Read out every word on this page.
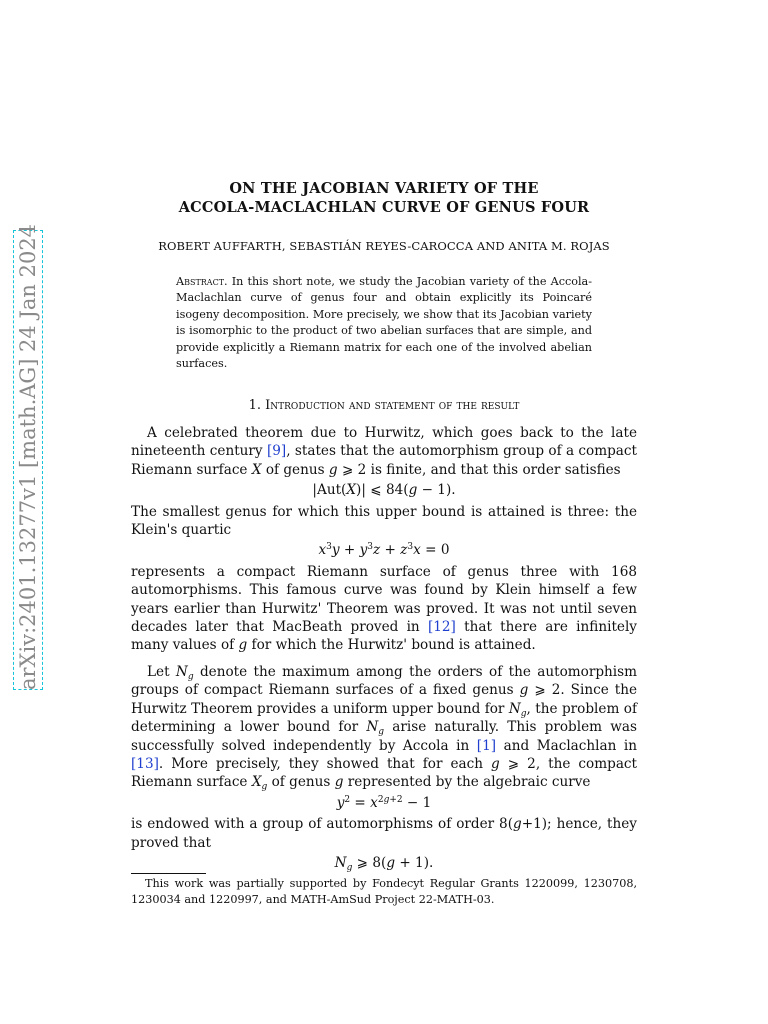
arXiv:2401.13277v1 [math.AG] 24 Jan 2024
ON THE JACOBIAN VARIETY OF THE
ACCOLA-MACLACHLAN CURVE OF GENUS FOUR
ROBERT AUFFARTH, SEBASTIÁN REYES-CAROCCA AND ANITA M. ROJAS
Abstract. In this short note, we study the Jacobian variety of the Accola-Maclachlan curve of genus four and obtain explicitly its Poincaré isogeny decomposition. More precisely, we show that its Jacobian variety is isomorphic to the product of two abelian surfaces that are simple, and provide explicitly a Riemann matrix for each one of the involved abelian surfaces.
1. Introduction and statement of the result

A celebrated theorem due to Hurwitz, which goes back to the late nineteenth century [9], states that the automorphism group of a compact Riemann surface X of genus g ⩾ 2 is finite, and that this order satisfies

|Aut(X)| ⩽ 84(g − 1).

The smallest genus for which this upper bound is attained is three: the Klein's quartic

$x^3y + y^3z + z^3x = 0$

represents a compact Riemann surface of genus three with 168 automorphisms. This famous curve was found by Klein himself a few years earlier than Hurwitz' Theorem was proved. It was not until seven decades later that MacBeath proved in [12] that there are infinitely many values of g for which the Hurwitz' bound is attained.

Let $N_g$ denote the maximum among the orders of the automorphism groups of compact Riemann surfaces of a fixed genus g ⩾ 2. Since the Hurwitz Theorem provides a uniform upper bound for $N_g$, the problem of determining a lower bound for $N_g$ arise naturally. This problem was successfully solved independently by Accola in [1] and Maclachlan in [13]. More precisely, they showed that for each g ⩾ 2, the compact Riemann surface $X_g$ of genus g represented by the algebraic curve

$y^2 = x^{2g+2} - 1$

is endowed with a group of automorphisms of order 8(g+1); hence, they proved that

$N_g$ ⩾ 8(g + 1).
This work was partially supported by Fondecyt Regular Grants 1220099, 1230708, 1230034 and 1220997, and MATH-AmSud Project 22-MATH-03.
